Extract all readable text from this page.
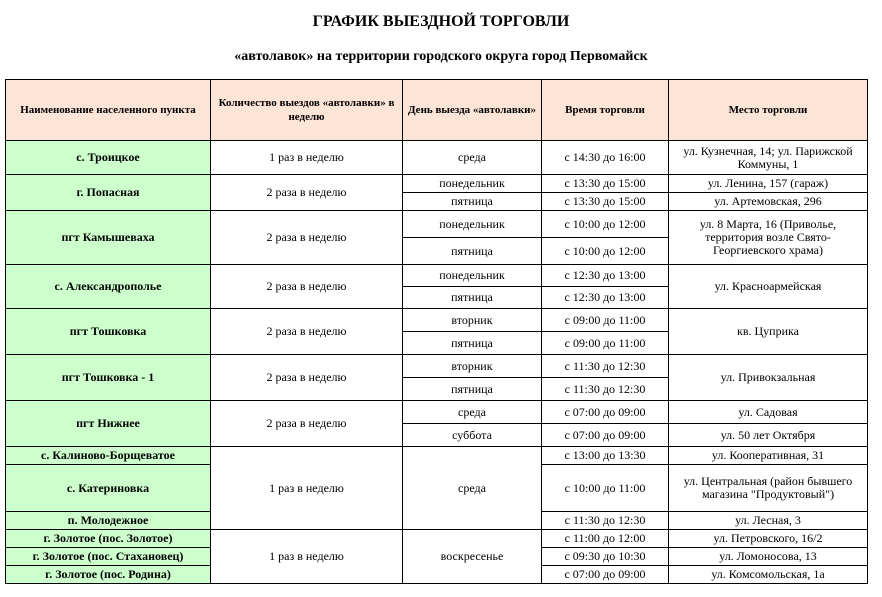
ГРАФИК ВЫЕЗДНОЙ ТОРГОВЛИ
«автолавок» на территории городского округа город Первомайск
Наименование населенного пункта	Количество выездов «автолавки» в неделю	День выезда «автолавки»	Время торговли	Место торговли
с. Троицкое	1 раз в неделю	среда	с 14:30 до 16:00	ул. Кузнечная, 14; ул. Парижской Коммуны, 1
г. Попасная	2 раза в неделю	понедельник	с 13:30 до 15:00	ул. Ленина, 157 (гараж)
		пятница	с 13:30 до 15:00	ул. Артемовская, 296
пгт Камышеваха	2 раза в неделю	понедельник	с 10:00 до 12:00	ул. 8 Марта, 16 (Приволье, территория возле Свято-Георгиевского храма)
		пятница	с 10:00 до 12:00	
с. Александрополье	2 раза в неделю	понедельник	с 12:30 до 13:00	ул. Красноармейская
		пятница	с 12:30 до 13:00	
пгт Тошковка	2 раза в неделю	вторник	с 09:00 до 11:00	кв. Цуприка
		пятница	с 09:00 до 11:00	
пгт Тошковка - 1	2 раза в неделю	вторник	с 11:30 до 12:30	ул. Привокзальная
		пятница	с 11:30 до 12:30	
пгт Нижнее	2 раза в неделю	среда	с 07:00 до 09:00	ул. Садовая
		суббота	с 07:00 до 09:00	ул. 50 лет Октября
с. Калиново-Борщеватое	1 раз в неделю	среда	с 13:00 до 13:30	ул. Кооперативная, 31
с. Катериновка			с 10:00 до 11:00	ул. Центральная (район бывшего магазина "Продуктовый")
п. Молодежное			с 11:30 до 12:30	ул. Лесная, 3
г. Золотое (пос. Золотое)	1 раз в неделю	воскресенье	с 11:00 до 12:00	ул. Петровского, 16/2
г. Золотое (пос. Стахановец)			с 09:30 до 10:30	ул. Ломоносова, 13
г. Золотое (пос. Родина)			с 07:00 до 09:00	ул. Комсомольская, 1а
